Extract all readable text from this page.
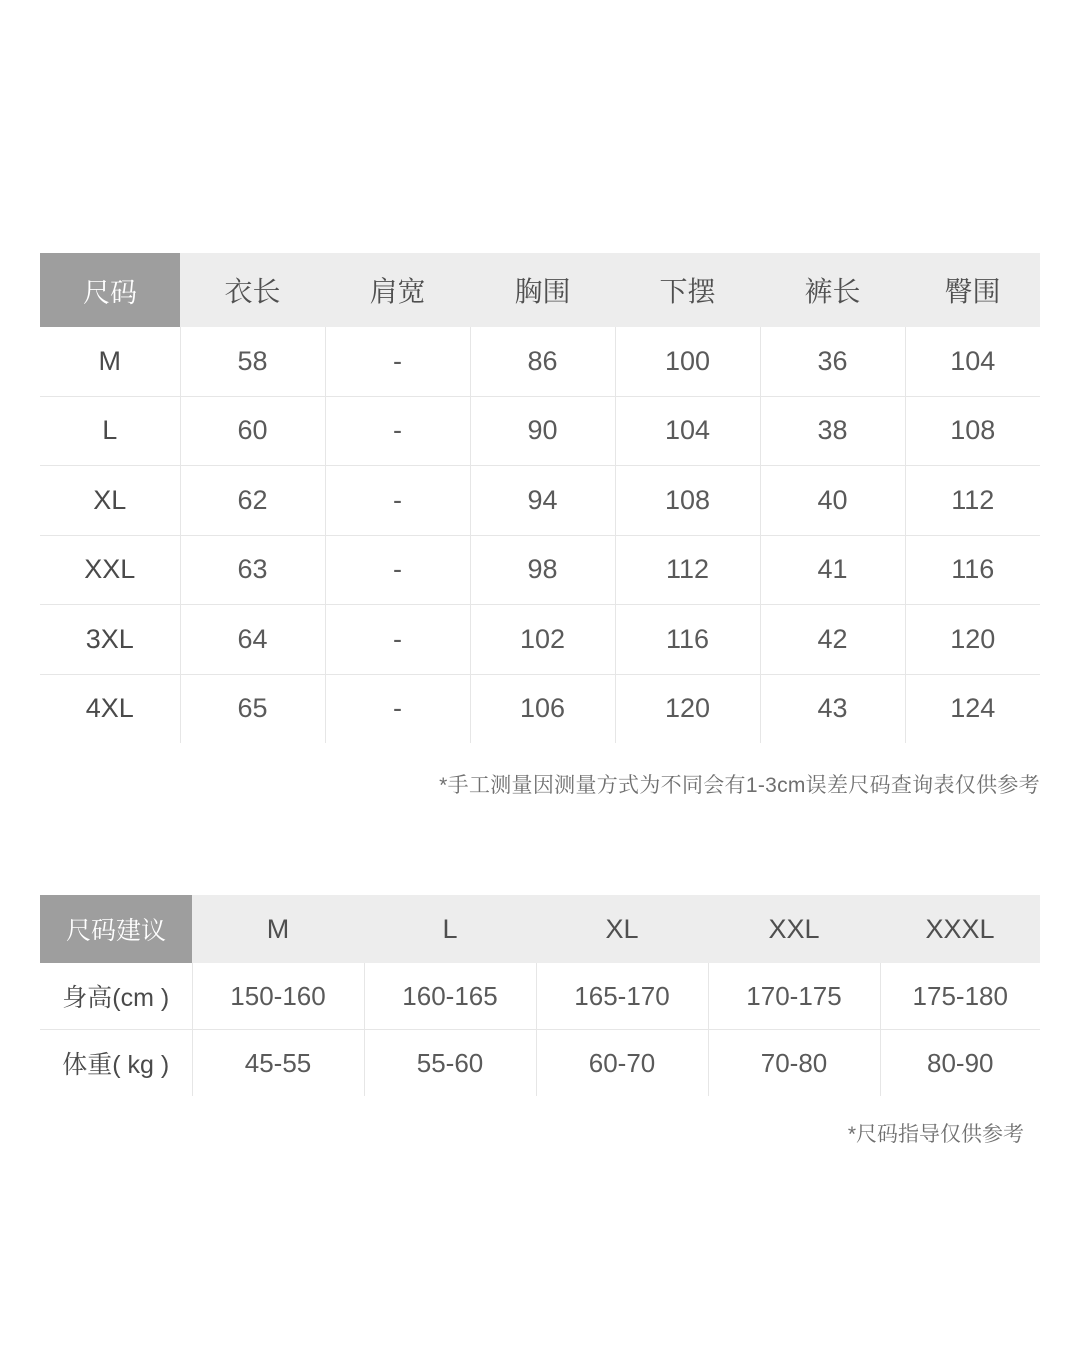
尺码	衣长	肩宽	胸围	下摆	裤长	臀围
M	58	-	86	100	36	104
L	60	-	90	104	38	108
XL	62	-	94	108	40	112
XXL	63	-	98	112	41	116
3XL	64	-	102	116	42	120
4XL	65	-	106	120	43	124
*手工测量因测量方式为不同会有1-3cm误差尺码查询表仅供参考
尺码建议	M	L	XL	XXL	XXXL
身高(cm )	150-160	160-165	165-170	170-175	175-180
体重( kg )	45-55	55-60	60-70	70-80	80-90
*尺码指导仅供参考
